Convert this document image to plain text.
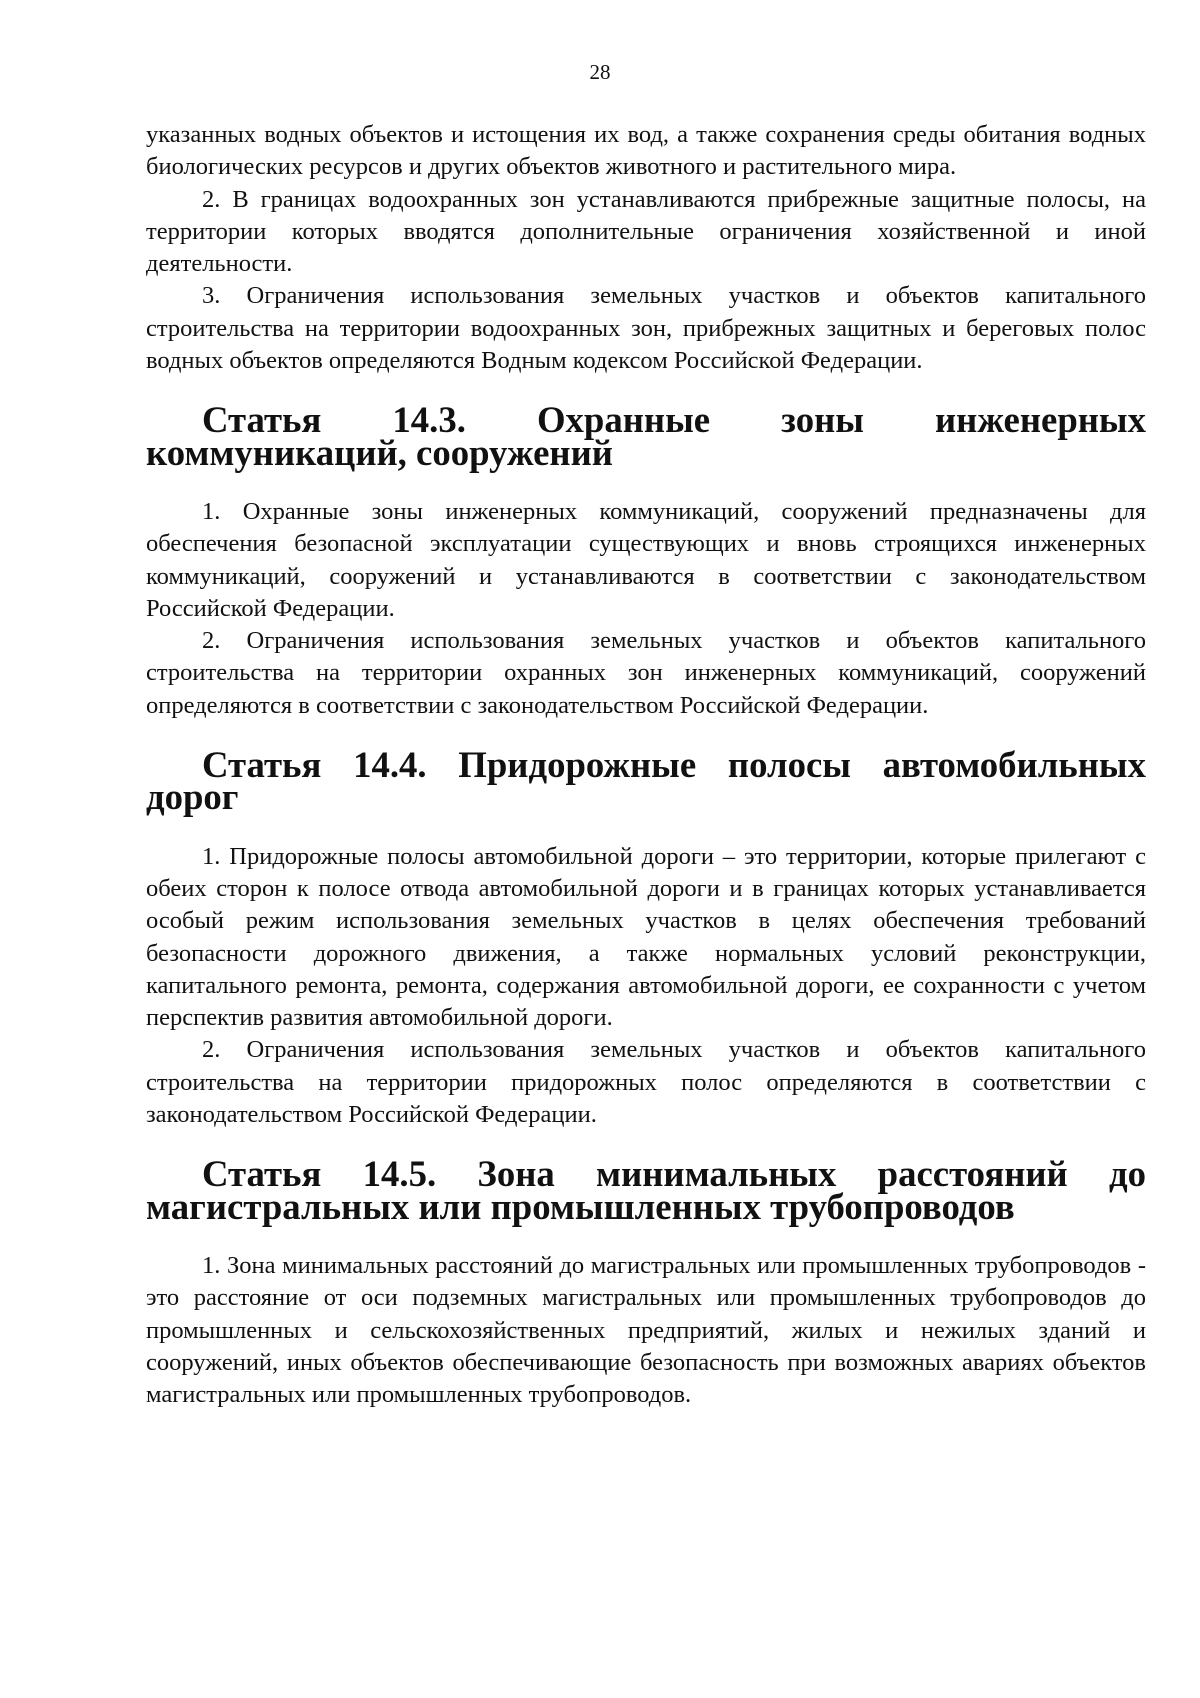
28

указанных водных объектов и истощения их вод, а также сохранения среды обитания водных биологических ресурсов и других объектов животного и растительного мира.

2. В границах водоохранных зон устанавливаются прибрежные защитные полосы, на территории которых вводятся дополнительные ограничения хозяйственной и иной деятельности.

3. Ограничения использования земельных участков и объектов капитального строительства на территории водоохранных зон, прибрежных защитных и береговых полос водных объектов определяются Водным кодексом Российской Федерации.

Статья 14.3. Охранные зоны инженерных коммуникаций, сооружений

1. Охранные зоны инженерных коммуникаций, сооружений предназначены для обеспечения безопасной эксплуатации существующих и вновь строящихся инженерных коммуникаций, сооружений и устанавливаются в соответствии с законодательством Российской Федерации.

2. Ограничения использования земельных участков и объектов капитального строительства на территории охранных зон инженерных коммуникаций, сооружений определяются в соответствии с законодательством Российской Федерации.

Статья 14.4. Придорожные полосы автомобильных дорог

1. Придорожные полосы автомобильной дороги – это территории, которые прилегают с обеих сторон к полосе отвода автомобильной дороги и в границах которых устанавливается особый режим использования земельных участков в целях обеспечения требований безопасности дорожного движения, а также нормальных условий реконструкции, капитального ремонта, ремонта, содержания автомобильной дороги, ее сохранности с учетом перспектив развития автомобильной дороги.

2. Ограничения использования земельных участков и объектов капитального строительства на территории придорожных полос определяются в соответствии с законодательством Российской Федерации.

Статья 14.5. Зона минимальных расстояний до магистральных или промышленных трубопроводов

1. Зона минимальных расстояний до магистральных или промышленных трубопроводов - это расстояние от оси подземных магистральных или промышленных трубопроводов до промышленных и сельскохозяйственных предприятий, жилых и нежилых зданий и сооружений, иных объектов обеспечивающие безопасность при возможных авариях объектов магистральных или промышленных трубопроводов.
